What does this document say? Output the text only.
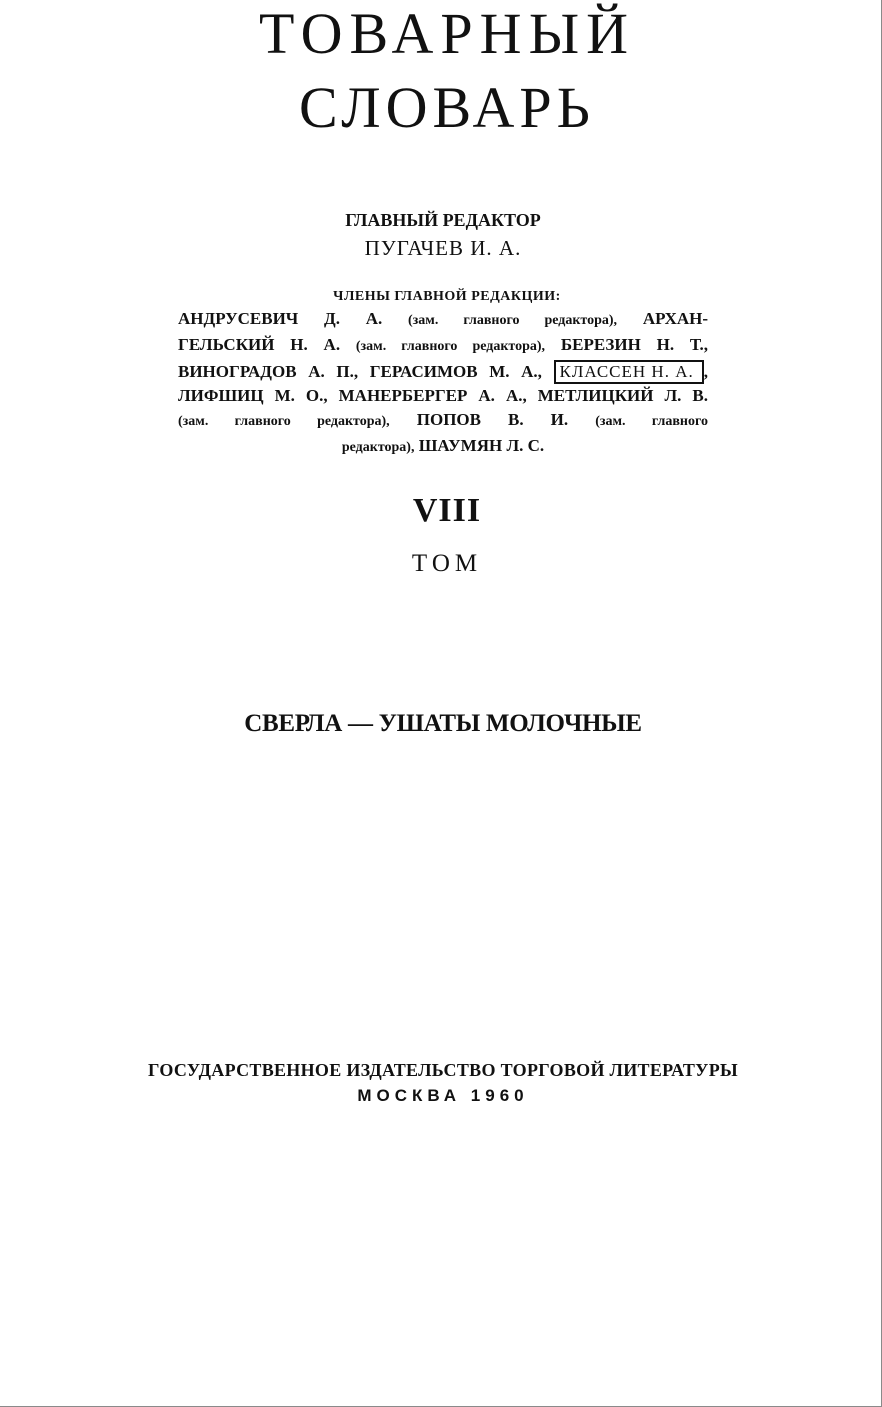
ТОВАРНЫЙ
СЛОВАРЬ
ГЛАВНЫЙ РЕДАКТОР
ПУГАЧЕВ И. А.
ЧЛЕНЫ ГЛАВНОЙ РЕДАКЦИИ:
АНДРУСЕВИЧ Д. А. (зам. главного редактора), АРХАН-
ГЕЛЬСКИЙ Н. А. (зам. главного редактора), БЕРЕЗИН Н. Т.,
ВИНОГРАДОВ А. П., ГЕРАСИМОВ М. А., КЛАССЕН Н. А. ,
ЛИФШИЦ М. О., МАНЕРБЕРГЕР А. А., МЕТЛИЦКИЙ Л. В.
(зам. главного редактора), ПОПОВ В. И. (зам. главного
редактора), ШАУМЯН Л. С.
VIII
ТОМ
СВЕРЛА — УШАТЫ МОЛОЧНЫЕ
ГОСУДАРСТВЕННОЕ ИЗДАТЕЛЬСТВО ТОРГОВОЙ ЛИТЕРАТУРЫ
МОСКВА 1960
